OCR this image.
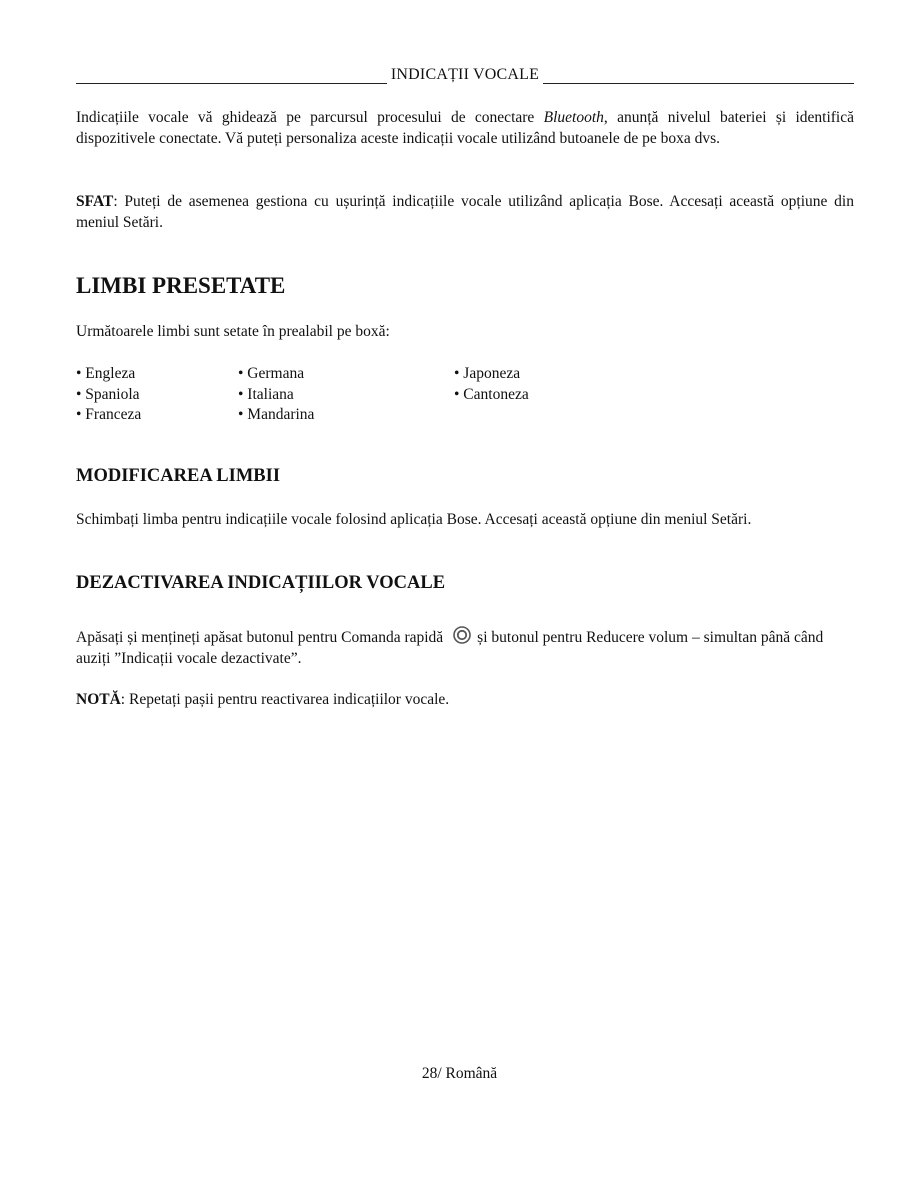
INDICAȚII VOCALE

Indicațiile vocale vă ghidează pe parcursul procesului de conectare Bluetooth, anunță nivelul bateriei și identifică dispozitivele conectate. Vă puteți personaliza aceste indicații vocale utilizând butoanele de pe boxa dvs.

SFAT: Puteți de asemenea gestiona cu ușurință indicațiile vocale utilizând aplicația Bose. Accesați această opțiune din meniul Setări.

LIMBI PRESETATE

Următoarele limbi sunt setate în prealabil pe boxă:

• Engleza
• Spaniola
• Franceza
• Germana
• Italiana
• Mandarina
• Japoneza
• Cantoneza
MODIFICAREA LIMBII

Schimbați limba pentru indicațiile vocale folosind aplicația Bose. Accesați această opțiune din meniul Setări.

DEZACTIVAREA INDICAȚIILOR VOCALE

Apăsați și mențineți apăsat butonul pentru Comanda rapidă și butonul pentru Reducere volum – simultan până când auziți ”Indicații vocale dezactivate”.

NOTĂ: Repetați pașii pentru reactivarea indicațiilor vocale.

28/ Română
